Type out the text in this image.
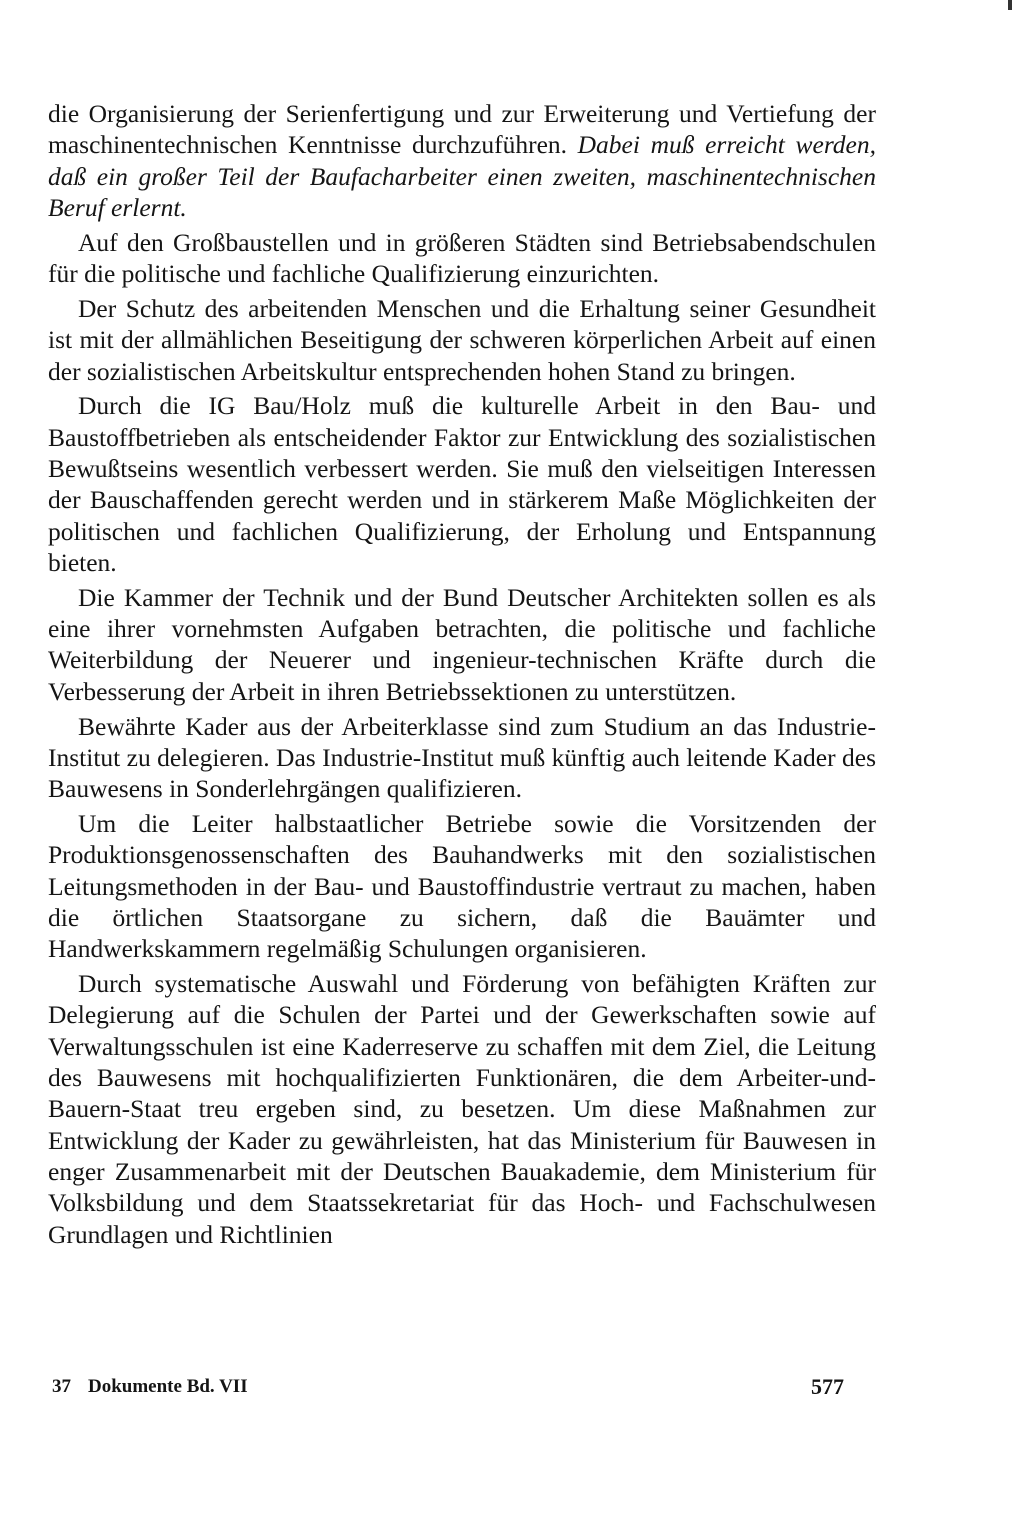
die Organisierung der Serienfertigung und zur Erweiterung und Vertiefung der maschinentechnischen Kenntnisse durchzuführen. Dabei muß erreicht werden, daß ein großer Teil der Baufacharbeiter einen zweiten, maschinentechnischen Beruf erlernt.

Auf den Großbaustellen und in größeren Städten sind Betriebsabendschulen für die politische und fachliche Qualifizierung einzurichten.

Der Schutz des arbeitenden Menschen und die Erhaltung seiner Gesundheit ist mit der allmählichen Beseitigung der schweren körperlichen Arbeit auf einen der sozialistischen Arbeitskultur entsprechenden hohen Stand zu bringen.

Durch die IG Bau/Holz muß die kulturelle Arbeit in den Bau- und Baustoffbetrieben als entscheidender Faktor zur Entwicklung des sozialistischen Bewußtseins wesentlich verbessert werden. Sie muß den vielseitigen Interessen der Bauschaffenden gerecht werden und in stärkerem Maße Möglichkeiten der politischen und fachlichen Qualifizierung, der Erholung und Entspannung bieten.

Die Kammer der Technik und der Bund Deutscher Architekten sollen es als eine ihrer vornehmsten Aufgaben betrachten, die politische und fachliche Weiterbildung der Neuerer und ingenieur-technischen Kräfte durch die Verbesserung der Arbeit in ihren Betriebssektionen zu unterstützen.

Bewährte Kader aus der Arbeiterklasse sind zum Studium an das Industrie-Institut zu delegieren. Das Industrie-Institut muß künftig auch leitende Kader des Bauwesens in Sonderlehrgängen qualifizieren.

Um die Leiter halbstaatlicher Betriebe sowie die Vorsitzenden der Produktionsgenossenschaften des Bauhandwerks mit den sozialistischen Leitungsmethoden in der Bau- und Baustoffindustrie vertraut zu machen, haben die örtlichen Staatsorgane zu sichern, daß die Bauämter und Handwerkskammern regelmäßig Schulungen organisieren.

Durch systematische Auswahl und Förderung von befähigten Kräften zur Delegierung auf die Schulen der Partei und der Gewerkschaften sowie auf Verwaltungsschulen ist eine Kaderreserve zu schaffen mit dem Ziel, die Leitung des Bauwesens mit hochqualifizierten Funktionären, die dem Arbeiter-und-Bauern-Staat treu ergeben sind, zu besetzen. Um diese Maßnahmen zur Entwicklung der Kader zu gewährleisten, hat das Ministerium für Bauwesen in enger Zusammenarbeit mit der Deutschen Bauakademie, dem Ministerium für Volksbildung und dem Staatssekretariat für das Hoch- und Fachschulwesen Grundlagen und Richtlinien

37 Dokumente Bd. VII	577
